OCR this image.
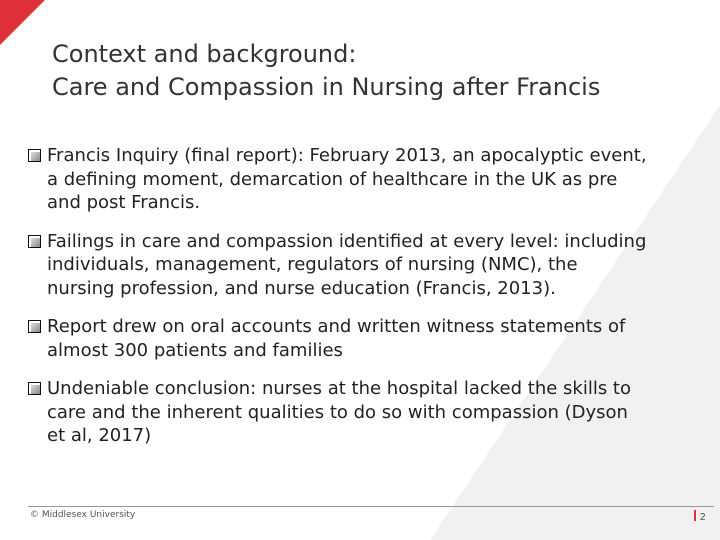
Context and background:
Care and Compassion in Nursing after Francis
Francis Inquiry (final report): February 2013, an apocalyptic event,
a defining moment, demarcation of healthcare in the UK as pre
and post Francis.
Failings in care and compassion identified at every level: including
individuals, management, regulators of nursing (NMC), the
nursing profession, and nurse education (Francis, 2013).
Report drew on oral accounts and written witness statements of
almost 300 patients and families
Undeniable conclusion: nurses at the hospital lacked the skills to
care and the inherent qualities to do so with compassion (Dyson
et al, 2017)
© Middlesex University	2
